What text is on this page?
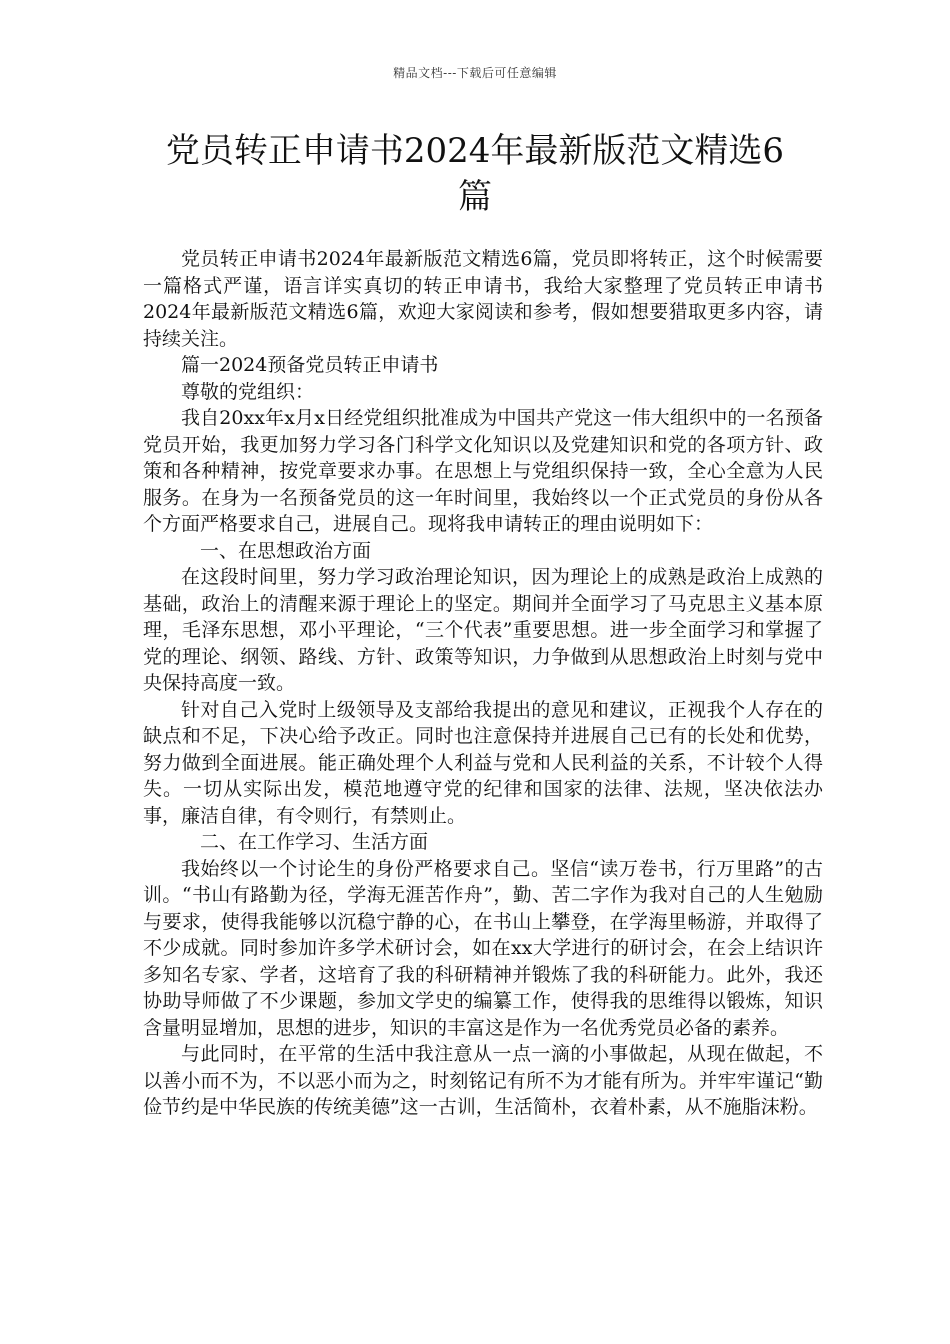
精品文档---下载后可任意编辑
党员转正申请书2024年最新版范文精选6篇

党员转正申请书2024年最新版范文精选6篇，党员即将转正，这个时候需要一篇格式严谨，语言详实真切的转正申请书，我给大家整理了党员转正申请书2024年最新版范文精选6篇，欢迎大家阅读和参考，假如想要猎取更多内容，请持续关注。

篇一2024预备党员转正申请书

尊敬的党组织：

我自20xx年x月x日经党组织批准成为中国共产党这一伟大组织中的一名预备党员开始，我更加努力学习各门科学文化知识以及党建知识和党的各项方针、政策和各种精神，按党章要求办事。在思想上与党组织保持一致，全心全意为人民服务。在身为一名预备党员的这一年时间里，我始终以一个正式党员的身份从各个方面严格要求自己，进展自己。现将我申请转正的理由说明如下：

一、在思想政治方面

在这段时间里，努力学习政治理论知识，因为理论上的成熟是政治上成熟的基础，政治上的清醒来源于理论上的坚定。期间并全面学习了马克思主义基本原理，毛泽东思想，邓小平理论，“三个代表”重要思想。进一步全面学习和掌握了党的理论、纲领、路线、方针、政策等知识，力争做到从思想政治上时刻与党中央保持高度一致。

针对自己入党时上级领导及支部给我提出的意见和建议，正视我个人存在的缺点和不足，下决心给予改正。同时也注意保持并进展自己已有的长处和优势，努力做到全面进展。能正确处理个人利益与党和人民利益的关系，不计较个人得失。一切从实际出发，模范地遵守党的纪律和国家的法律、法规，坚决依法办事，廉洁自律，有令则行，有禁则止。

二、在工作学习、生活方面

我始终以一个讨论生的身份严格要求自己。坚信“读万卷书，行万里路”的古训。“书山有路勤为径，学海无涯苦作舟”，勤、苦二字作为我对自己的人生勉励与要求，使得我能够以沉稳宁静的心，在书山上攀登，在学海里畅游，并取得了不少成就。同时参加许多学术研讨会，如在xx大学进行的研讨会，在会上结识许多知名专家、学者，这培育了我的科研精神并锻炼了我的科研能力。此外，我还协助导师做了不少课题，参加文学史的编纂工作，使得我的思维得以锻炼，知识含量明显增加，思想的进步，知识的丰富这是作为一名优秀党员必备的素养。

与此同时，在平常的生活中我注意从一点一滴的小事做起，从现在做起，不以善小而不为，不以恶小而为之，时刻铭记有所不为才能有所为。并牢牢谨记“勤俭节约是中华民族的传统美德”这一古训，生活简朴，衣着朴素，从不施脂沫粉。
